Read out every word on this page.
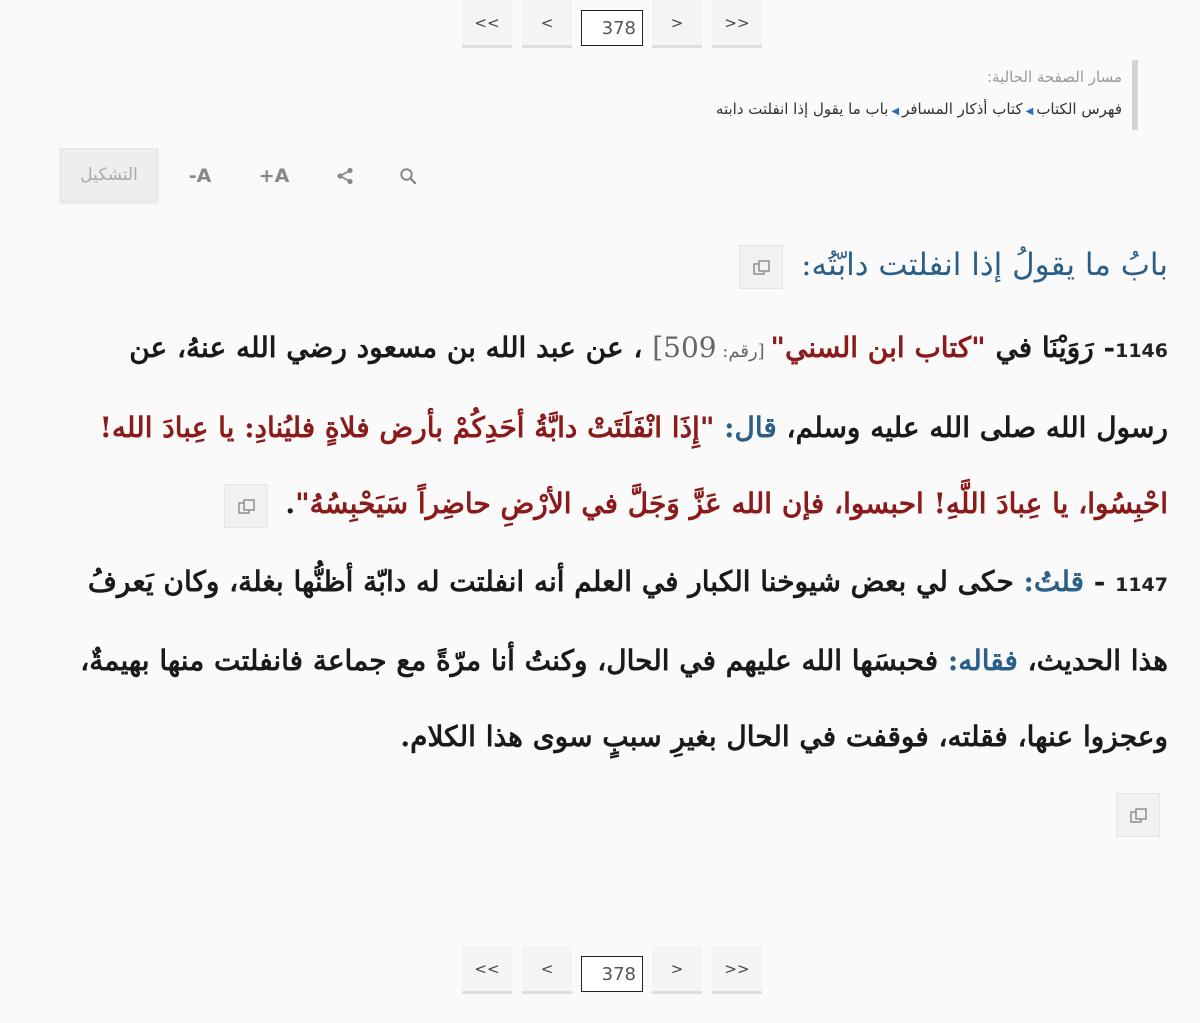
<<	<
378	>	>>
مسار الصفحة الحالية:
فهرس الكتاب◀كتاب أذكار المسافر◀باب ما يقول إذا انفلتت دابته
التشكيل	-A	+A
بابُ ما يقولُ إذا انفلتت دابّتُه:
1146- رَوَيْنَا في "كتاب ابن السني" [رقم: 509] ، عن عبد الله بن مسعود رضي الله عنهُ، عن رسول الله صلى الله عليه وسلم، قال: "إِذَا انْفَلَتَتْ دابَّةُ أحَدِكُمْ بأرض فلاةٍ فليُنادِ: يا عِبادَ الله! احْبِسُوا، يا عِبادَ اللَّهِ! احبسوا، فإن الله عَزَّ وَجَلَّ في الأرْضِ حاضِراً سَيَحْبِسُهُ".
1147 - قلتُ: حكى لي بعض شيوخنا الكبار في العلم أنه انفلتت له دابّة أظنُّها بغلة، وكان يَعرفُ هذا الحديث، فقاله: فحبسَها الله عليهم في الحال، وكنتُ أنا مرّةً مع جماعة فانفلتت منها بهيمةٌ، وعجزوا عنها، فقلته، فوقفت في الحال بغيرِ سببٍ سوى هذا الكلام.

<<	<
378	>	>>
